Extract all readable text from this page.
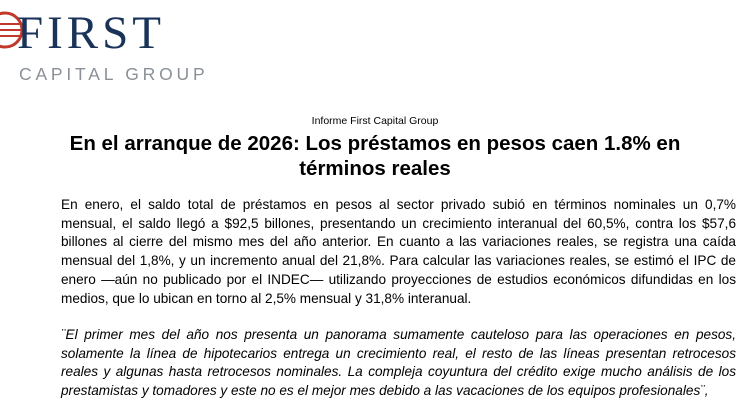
FIRST
CAPITAL GROUP
Informe First Capital Group
En el arranque de 2026: Los préstamos en pesos caen 1.8% en términos reales

En enero, el saldo total de préstamos en pesos al sector privado subió en términos nominales un 0,7% mensual, el saldo llegó a $92,5 billones, presentando un crecimiento interanual del 60,5%, contra los $57,6 billones al cierre del mismo mes del año anterior. En cuanto a las variaciones reales, se registra una caída mensual del 1,8%, y un incremento anual del 21,8%. Para calcular las variaciones reales, se estimó el IPC de enero —aún no publicado por el INDEC— utilizando proyecciones de estudios económicos difundidas en los medios, que lo ubican en torno al 2,5% mensual y 31,8% interanual.

¨El primer mes del año nos presenta un panorama sumamente cauteloso para las operaciones en pesos, solamente la línea de hipotecarios entrega un crecimiento real, el resto de las líneas presentan retrocesos reales y algunas hasta retrocesos nominales. La compleja coyuntura del crédito exige mucho análisis de los prestamistas y tomadores y este no es el mejor mes debido a las vacaciones de los equipos profesionales¨,
